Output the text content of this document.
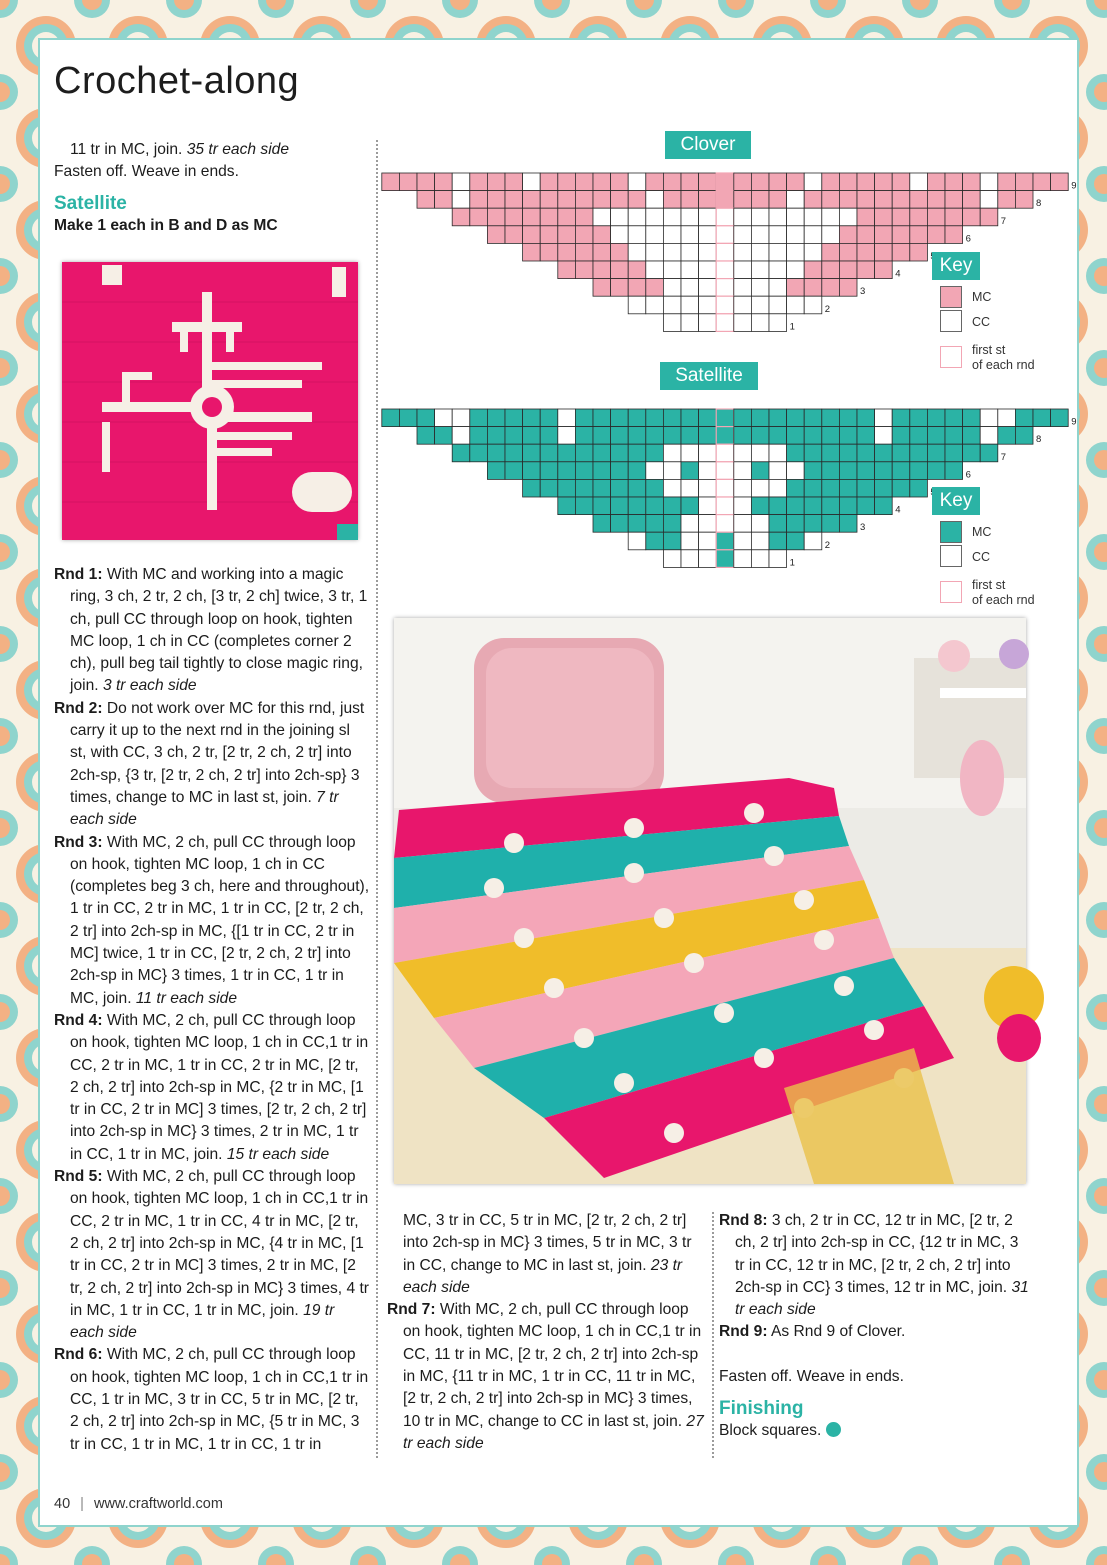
Crochet-along
11 tr in MC, join. 35 tr each side
Fasten off. Weave in ends.
Satellite
Make 1 each in B and D as MC
Rnd 1: With MC and working into a magic ring, 3 ch, 2 tr, 2 ch, [3 tr, 2 ch] twice, 3 tr, 1 ch, pull CC through loop on hook, tighten MC loop, 1 ch in CC (completes corner 2 ch), pull beg tail tightly to close magic ring, join. 3 tr each side
Rnd 2: Do not work over MC for this rnd, just carry it up to the next rnd in the joining sl st, with CC, 3 ch, 2 tr, [2 tr, 2 ch, 2 tr] into 2ch-sp, {3 tr, [2 tr, 2 ch, 2 tr] into 2ch-sp} 3 times, change to MC in last st, join. 7 tr each side
Rnd 3: With MC, 2 ch, pull CC through loop on hook, tighten MC loop, 1 ch in CC (completes beg 3 ch, here and throughout), 1 tr in CC, 2 tr in MC, 1 tr in CC, [2 tr, 2 ch, 2 tr] into 2ch-sp in MC, {[1 tr in CC, 2 tr in MC] twice, 1 tr in CC, [2 tr, 2 ch, 2 tr] into 2ch-sp in MC} 3 times, 1 tr in CC, 1 tr in MC, join. 11 tr each side
Rnd 4: With MC, 2 ch, pull CC through loop on hook, tighten MC loop, 1 ch in CC,1 tr in CC, 2 tr in MC, 1 tr in CC, 2 tr in MC, [2 tr, 2 ch, 2 tr] into 2ch-sp in MC, {2 tr in MC, [1 tr in CC, 2 tr in MC] 3 times, [2 tr, 2 ch, 2 tr] into 2ch-sp in MC} 3 times, 2 tr in MC, 1 tr in CC, 1 tr in MC, join. 15 tr each side
Rnd 5: With MC, 2 ch, pull CC through loop on hook, tighten MC loop, 1 ch in CC,1 tr in CC, 2 tr in MC, 1 tr in CC, 4 tr in MC, [2 tr, 2 ch, 2 tr] into 2ch-sp in MC, {4 tr in MC, [1 tr in CC, 2 tr in MC] 3 times, 2 tr in MC, [2 tr, 2 ch, 2 tr] into 2ch-sp in MC} 3 times, 4 tr in MC, 1 tr in CC, 1 tr in MC, join. 19 tr each side
Rnd 6: With MC, 2 ch, pull CC through loop on hook, tighten MC loop, 1 ch in CC,1 tr in CC, 1 tr in MC, 3 tr in CC, 5 tr in MC, [2 tr, 2 ch, 2 tr] into 2ch-sp in MC, {5 tr in MC, 3 tr in CC, 1 tr in MC, 1 tr in CC, 1 tr in
Clover
9
8
7
6
4
3
2
1
Key
MC
CC
first st
of each rnd
Satellite
9
8
7
6
4
3
2
1
Key
MC
CC
first st
of each rnd
MC, 3 tr in CC, 5 tr in MC, [2 tr, 2 ch, 2 tr] into 2ch-sp in MC} 3 times, 5 tr in MC, 3 tr in CC, change to MC in last st, join. 23 tr each side
Rnd 7: With MC, 2 ch, pull CC through loop on hook, tighten MC loop, 1 ch in CC,1 tr in CC, 11 tr in MC, [2 tr, 2 ch, 2 tr] into 2ch-sp in MC, {11 tr in MC, 1 tr in CC, 11 tr in MC, [2 tr, 2 ch, 2 tr] into 2ch-sp in MC} 3 times, 10 tr in MC, change to CC in last st, join. 27 tr each side
Rnd 8: 3 ch, 2 tr in CC, 12 tr in MC, [2 tr, 2 ch, 2 tr] into 2ch-sp in CC, {12 tr in MC, 3 tr in CC, 12 tr in MC, [2 tr, 2 ch, 2 tr] into 2ch-sp in CC} 3 times, 12 tr in MC, join. 31 tr each side
Rnd 9: As Rnd 9 of Clover.
Fasten off. Weave in ends.
Finishing
Block squares.
40 | www.craftworld.com
